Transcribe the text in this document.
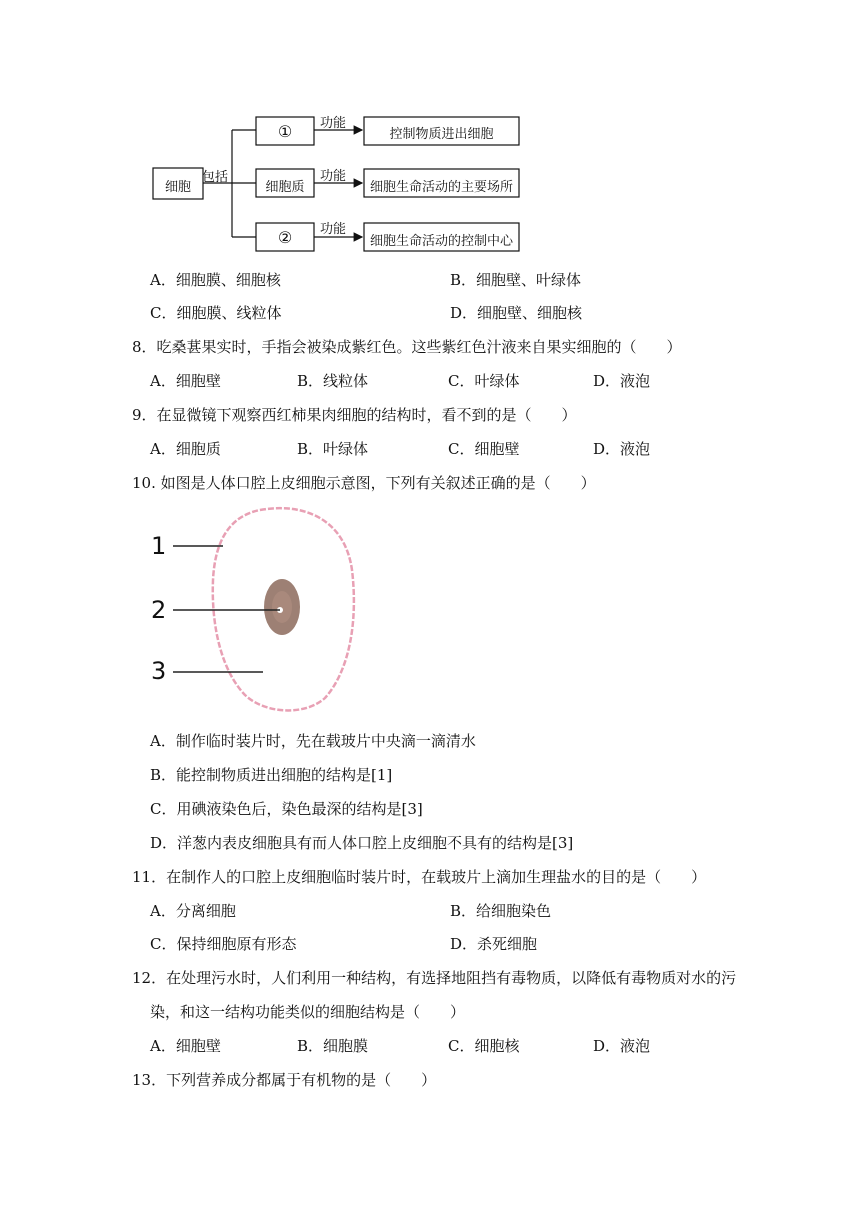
细胞
包括
①
细胞质
②
功能
功能
功能
控制物质进出细胞
细胞生命活动的主要场所
细胞生命活动的控制中心
A．细胞膜、细胞核	B．细胞壁、叶绿体
C．细胞膜、线粒体	D．细胞壁、细胞核
8．吃桑葚果实时，手指会被染成紫红色。这些紫红色汁液来自果实细胞的（　　）
A．细胞壁	B．线粒体	C．叶绿体	D．液泡
9．在显微镜下观察西红柿果肉细胞的结构时，看不到的是（　　）
A．细胞质	B．叶绿体	C．细胞壁	D．液泡
10. 如图是人体口腔上皮细胞示意图，下列有关叙述正确的是（　　）
1
2
3
A．制作临时装片时，先在载玻片中央滴一滴清水
B．能控制物质进出细胞的结构是[1]
C．用碘液染色后，染色最深的结构是[3]
D．洋葱内表皮细胞具有而人体口腔上皮细胞不具有的结构是[3]
11．在制作人的口腔上皮细胞临时装片时，在载玻片上滴加生理盐水的目的是（　　）
A．分离细胞	B．给细胞染色
C．保持细胞原有形态	D．杀死细胞
12．在处理污水时，人们利用一种结构，有选择地阻挡有毒物质，以降低有毒物质对水的污
染，和这一结构功能类似的细胞结构是（　　）
A．细胞壁	B．细胞膜	C．细胞核	D．液泡
13．下列营养成分都属于有机物的是（　　）
